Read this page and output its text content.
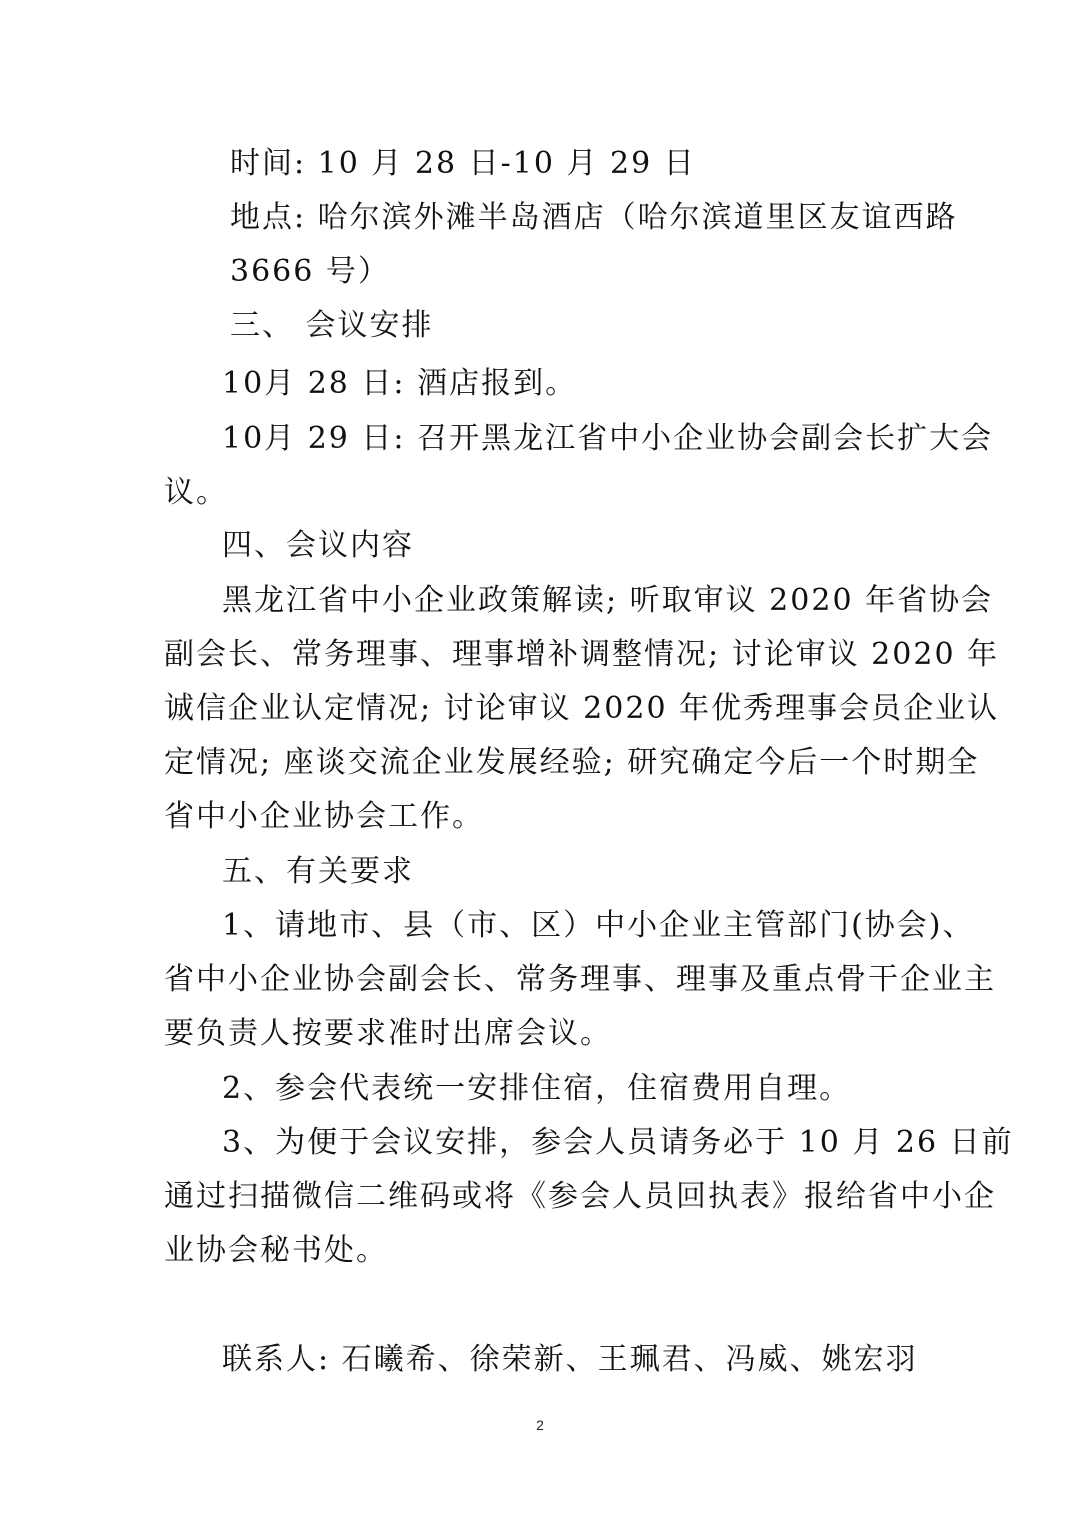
时间: 10 月 28 日-10 月 29 日
地点: 哈尔滨外滩半岛酒店（哈尔滨道里区友谊西路
3666 号）
三、 会议安排
10月 28 日: 酒店报到。
10月 29 日: 召开黑龙江省中小企业协会副会长扩大会
议。
四、会议内容
黑龙江省中小企业政策解读; 听取审议 2020 年省协会
副会长、常务理事、理事增补调整情况; 讨论审议 2020 年
诚信企业认定情况; 讨论审议 2020 年优秀理事会员企业认
定情况; 座谈交流企业发展经验; 研究确定今后一个时期全
省中小企业协会工作。
五、有关要求
1、请地市、县（市、区）中小企业主管部门(协会)、
省中小企业协会副会长、常务理事、理事及重点骨干企业主
要负责人按要求准时出席会议。
2、参会代表统一安排住宿，住宿费用自理。
3、为便于会议安排，参会人员请务必于 10 月 26 日前
通过扫描微信二维码或将《参会人员回执表》报给省中小企
业协会秘书处。
联系人: 石曦希、徐荣新、王珮君、冯威、姚宏羽
2
